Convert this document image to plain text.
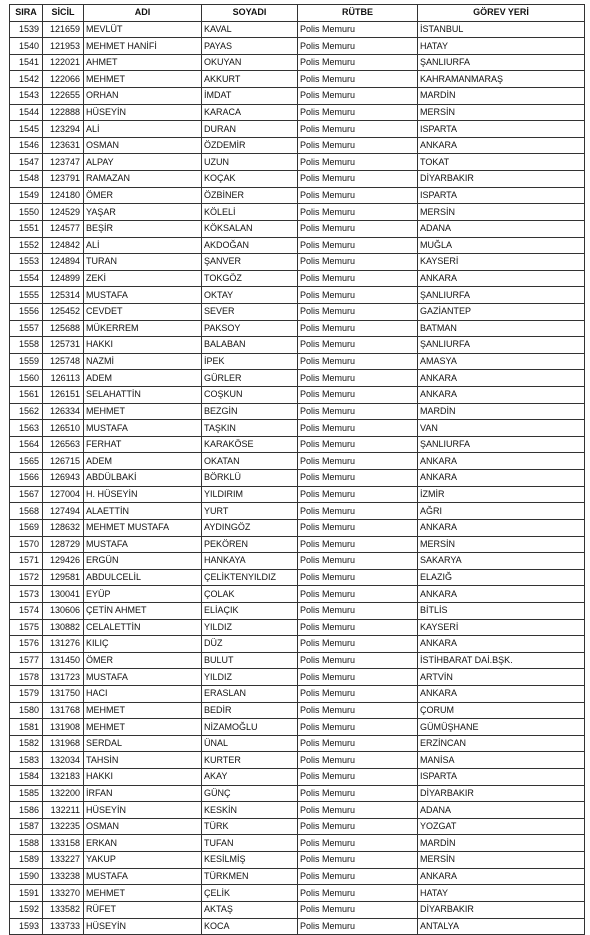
SIRA	SİCİL	ADI	SOYADI	RÜTBE	GÖREV YERİ
1539	121659	MEVLÜT	KAVAL	Polis Memuru	İSTANBUL
1540	121953	MEHMET HANİFİ	PAYAS	Polis Memuru	HATAY
1541	122021	AHMET	OKUYAN	Polis Memuru	ŞANLIURFA
1542	122066	MEHMET	AKKURT	Polis Memuru	KAHRAMANMARAŞ
1543	122655	ORHAN	İMDAT	Polis Memuru	MARDİN
1544	122888	HÜSEYİN	KARACA	Polis Memuru	MERSİN
1545	123294	ALİ	DURAN	Polis Memuru	ISPARTA
1546	123631	OSMAN	ÖZDEMİR	Polis Memuru	ANKARA
1547	123747	ALPAY	UZUN	Polis Memuru	TOKAT
1548	123791	RAMAZAN	KOÇAK	Polis Memuru	DİYARBAKIR
1549	124180	ÖMER	ÖZBİNER	Polis Memuru	ISPARTA
1550	124529	YAŞAR	KÖLELİ	Polis Memuru	MERSİN
1551	124577	BEŞİR	KÖKSALAN	Polis Memuru	ADANA
1552	124842	ALİ	AKDOĞAN	Polis Memuru	MUĞLA
1553	124894	TURAN	ŞANVER	Polis Memuru	KAYSERİ
1554	124899	ZEKİ	TOKGÖZ	Polis Memuru	ANKARA
1555	125314	MUSTAFA	OKTAY	Polis Memuru	ŞANLIURFA
1556	125452	CEVDET	SEVER	Polis Memuru	GAZİANTEP
1557	125688	MÜKERREM	PAKSOY	Polis Memuru	BATMAN
1558	125731	HAKKI	BALABAN	Polis Memuru	ŞANLIURFA
1559	125748	NAZMİ	İPEK	Polis Memuru	AMASYA
1560	126113	ADEM	GÜRLER	Polis Memuru	ANKARA
1561	126151	SELAHATTİN	COŞKUN	Polis Memuru	ANKARA
1562	126334	MEHMET	BEZGİN	Polis Memuru	MARDİN
1563	126510	MUSTAFA	TAŞKIN	Polis Memuru	VAN
1564	126563	FERHAT	KARAKÖSE	Polis Memuru	ŞANLIURFA
1565	126715	ADEM	OKATAN	Polis Memuru	ANKARA
1566	126943	ABDÜLBAKİ	BÖRKLÜ	Polis Memuru	ANKARA
1567	127004	H. HÜSEYİN	YILDIRIM	Polis Memuru	İZMİR
1568	127494	ALAETTİN	YURT	Polis Memuru	AĞRI
1569	128632	MEHMET MUSTAFA	AYDINGÖZ	Polis Memuru	ANKARA
1570	128729	MUSTAFA	PEKÖREN	Polis Memuru	MERSİN
1571	129426	ERGÜN	HANKAYA	Polis Memuru	SAKARYA
1572	129581	ABDULCELİL	ÇELİKTENYILDIZ	Polis Memuru	ELAZIĞ
1573	130041	EYÜP	ÇOLAK	Polis Memuru	ANKARA
1574	130606	ÇETİN AHMET	ELİAÇIK	Polis Memuru	BİTLİS
1575	130882	CELALETTİN	YILDIZ	Polis Memuru	KAYSERİ
1576	131276	KILIÇ	DÜZ	Polis Memuru	ANKARA
1577	131450	ÖMER	BULUT	Polis Memuru	İSTİHBARAT DAİ.BŞK.
1578	131723	MUSTAFA	YILDIZ	Polis Memuru	ARTVİN
1579	131750	HACI	ERASLAN	Polis Memuru	ANKARA
1580	131768	MEHMET	BEDİR	Polis Memuru	ÇORUM
1581	131908	MEHMET	NİZAMOĞLU	Polis Memuru	GÜMÜŞHANE
1582	131968	SERDAL	ÜNAL	Polis Memuru	ERZİNCAN
1583	132034	TAHSİN	KURTER	Polis Memuru	MANİSA
1584	132183	HAKKI	AKAY	Polis Memuru	ISPARTA
1585	132200	İRFAN	GÜNÇ	Polis Memuru	DİYARBAKIR
1586	132211	HÜSEYİN	KESKİN	Polis Memuru	ADANA
1587	132235	OSMAN	TÜRK	Polis Memuru	YOZGAT
1588	133158	ERKAN	TUFAN	Polis Memuru	MARDİN
1589	133227	YAKUP	KESİLMİŞ	Polis Memuru	MERSİN
1590	133238	MUSTAFA	TÜRKMEN	Polis Memuru	ANKARA
1591	133270	MEHMET	ÇELİK	Polis Memuru	HATAY
1592	133582	RÜFET	AKTAŞ	Polis Memuru	DİYARBAKIR
1593	133733	HÜSEYİN	KOCA	Polis Memuru	ANTALYA
